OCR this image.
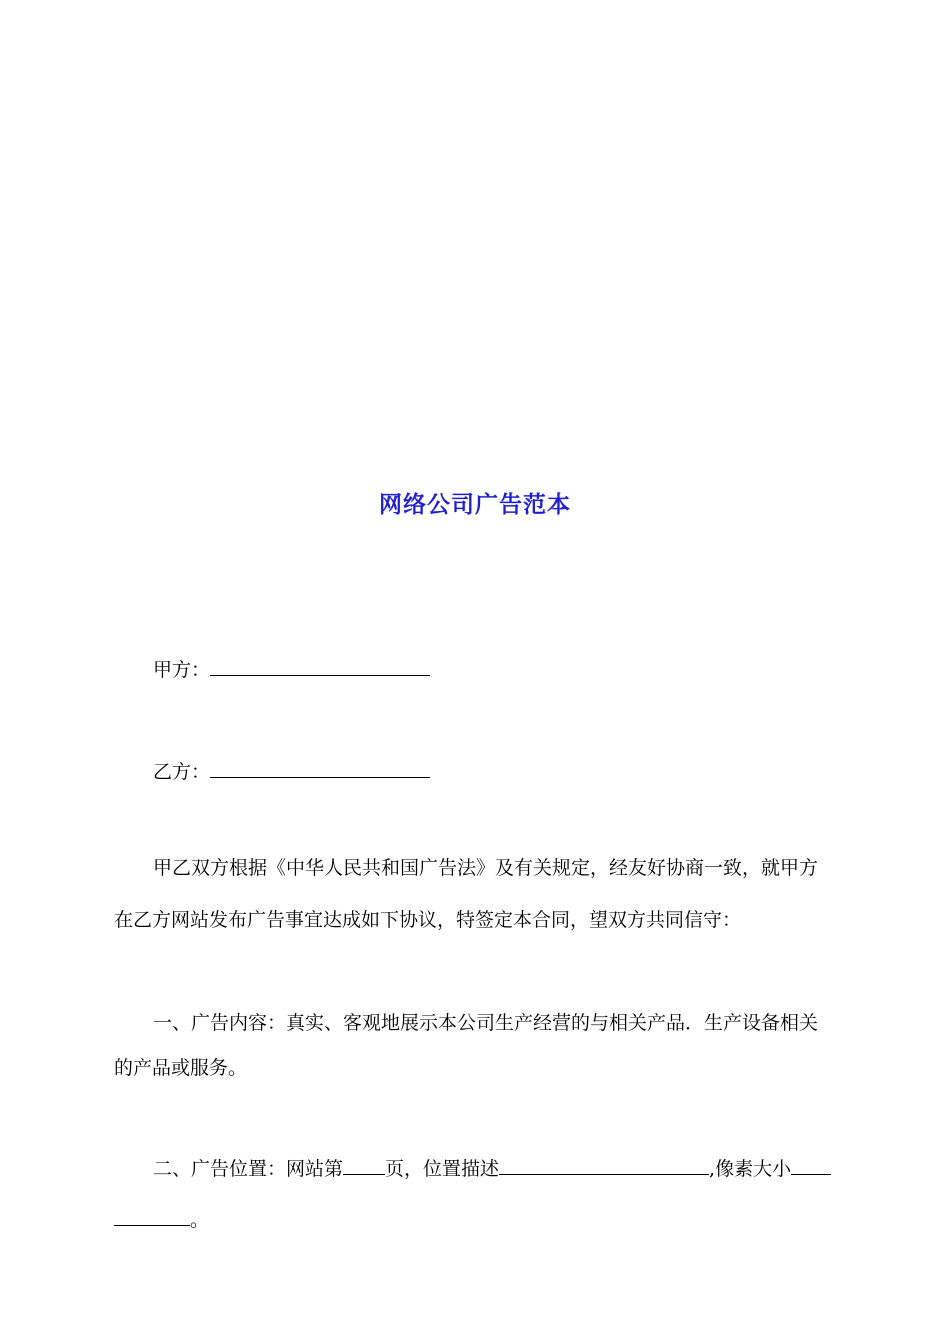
网络公司广告范本
甲方：
乙方：
甲乙双方根据《中华人民共和国广告法》及有关规定，经友好协商一致，就甲方
在乙方网站发布广告事宜达成如下协议，特签定本合同，望双方共同信守：
一、广告内容：真实、客观地展示本公司生产经营的与相关产品．生产设备相关
的产品或服务。
二、广告位置：网站第 页，位置描述	,像素大小
。
